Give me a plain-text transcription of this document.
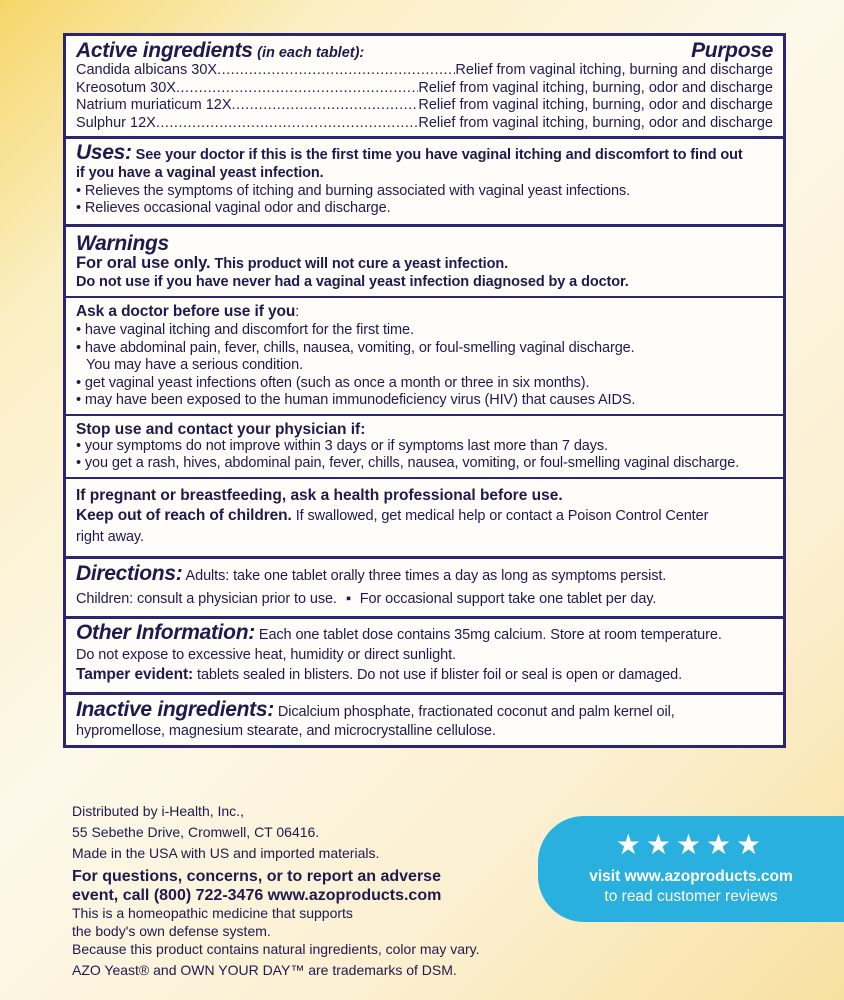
Active ingredients (in each tablet):	Purpose
Candida albicans 30X .....	Relief from vaginal itching, burning and discharge
Kreosotum 30X .....	Relief from vaginal itching, burning, odor and discharge
Natrium muriaticum 12X .....	Relief from vaginal itching, burning, odor and discharge
Sulphur 12X .....	Relief from vaginal itching, burning, odor and discharge
Uses: See your doctor if this is the first time you have vaginal itching and discomfort to find out
if you have a vaginal yeast infection.
• Relieves the symptoms of itching and burning associated with vaginal yeast infections.
• Relieves occasional vaginal odor and discharge.
Warnings
For oral use only. This product will not cure a yeast infection.
Do not use if you have never had a vaginal yeast infection diagnosed by a doctor.
Ask a doctor before use if you:
• have vaginal itching and discomfort for the first time.
• have abdominal pain, fever, chills, nausea, vomiting, or foul-smelling vaginal discharge.
You may have a serious condition.
• get vaginal yeast infections often (such as once a month or three in six months).
• may have been exposed to the human immunodeficiency virus (HIV) that causes AIDS.
Stop use and contact your physician if:
• your symptoms do not improve within 3 days or if symptoms last more than 7 days.
• you get a rash, hives, abdominal pain, fever, chills, nausea, vomiting, or foul-smelling vaginal discharge.
If pregnant or breastfeeding, ask a health professional before use.
Keep out of reach of children. If swallowed, get medical help or contact a Poison Control Center
right away.
Directions: Adults: take one tablet orally three times a day as long as symptoms persist.
Children: consult a physician prior to use. ▪ For occasional support take one tablet per day.
Other Information: Each one tablet dose contains 35mg calcium. Store at room temperature.
Do not expose to excessive heat, humidity or direct sunlight.
Tamper evident: tablets sealed in blisters. Do not use if blister foil or seal is open or damaged.
Inactive ingredients: Dicalcium phosphate, fractionated coconut and palm kernel oil,
hypromellose, magnesium stearate, and microcrystalline cellulose.
Distributed by i-Health, Inc.,
55 Sebethe Drive, Cromwell, CT 06416.
Made in the USA with US and imported materials.
For questions, concerns, or to report an adverse
event, call (800) 722-3476 www.azoproducts.com
This is a homeopathic medicine that supports
the body's own defense system.
Because this product contains natural ingredients, color may vary.
AZO Yeast® and OWN YOUR DAY™ are trademarks of DSM.
★★★★★
visit www.azoproducts.com
to read customer reviews
